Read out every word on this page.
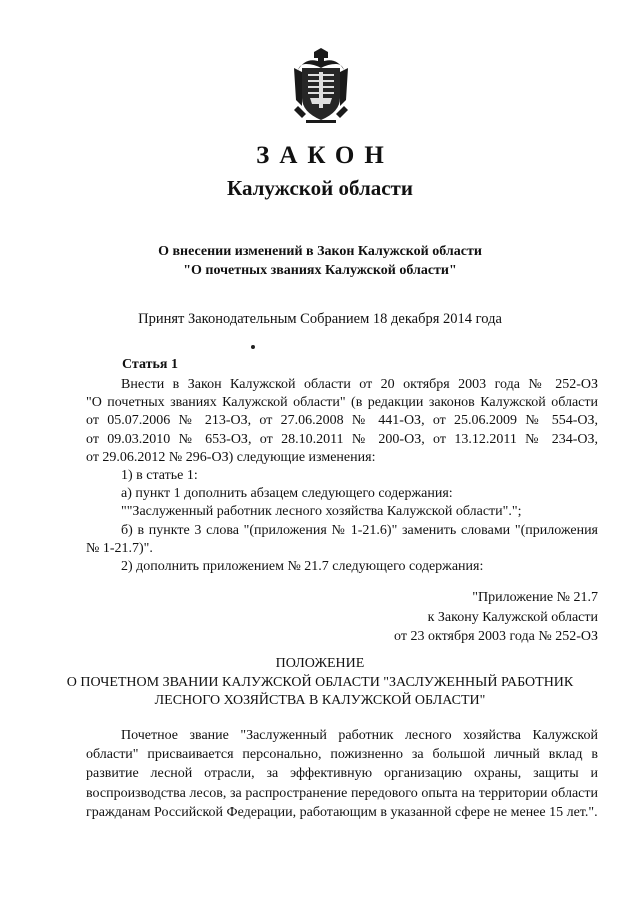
ЗАКОН
Калужской области
О внесении изменений в Закон Калужской области
"О почетных званиях Калужской области"
Принят Законодательным Собранием 18 декабря 2014 года
Статья 1
Внести в Закон Калужской области от 20 октября 2003 года № 252-ОЗ
"О почетных званиях Калужской области" (в редакции законов Калужской области
от 05.07.2006 № 213-ОЗ, от 27.06.2008 № 441-ОЗ, от 25.06.2009 № 554-ОЗ,
от 09.03.2010 № 653-ОЗ, от 28.10.2011 № 200-ОЗ, от 13.12.2011 № 234-ОЗ,
от 29.06.2012 № 296-ОЗ) следующие изменения:
1) в статье 1:
а) пункт 1 дополнить абзацем следующего содержания:
""Заслуженный работник лесного хозяйства Калужской области".";
б) в пункте 3 слова "(приложения № 1-21.6)" заменить словами "(приложения
№ 1-21.7)".
2) дополнить приложением № 21.7 следующего содержания:
"Приложение № 21.7
к Закону Калужской области
от 23 октября 2003 года № 252-ОЗ
ПОЛОЖЕНИЕ
О ПОЧЕТНОМ ЗВАНИИ КАЛУЖСКОЙ ОБЛАСТИ "ЗАСЛУЖЕННЫЙ РАБОТНИК
ЛЕСНОГО ХОЗЯЙСТВА В КАЛУЖСКОЙ ОБЛАСТИ"
Почетное звание "Заслуженный работник лесного хозяйства Калужской
области" присваивается персонально, пожизненно за большой личный вклад в
развитие лесной отрасли, за эффективную организацию охраны, защиты и
воспроизводства лесов, за распространение передового опыта на территории области
гражданам Российской Федерации, работающим в указанной сфере не менее 15 лет.".
